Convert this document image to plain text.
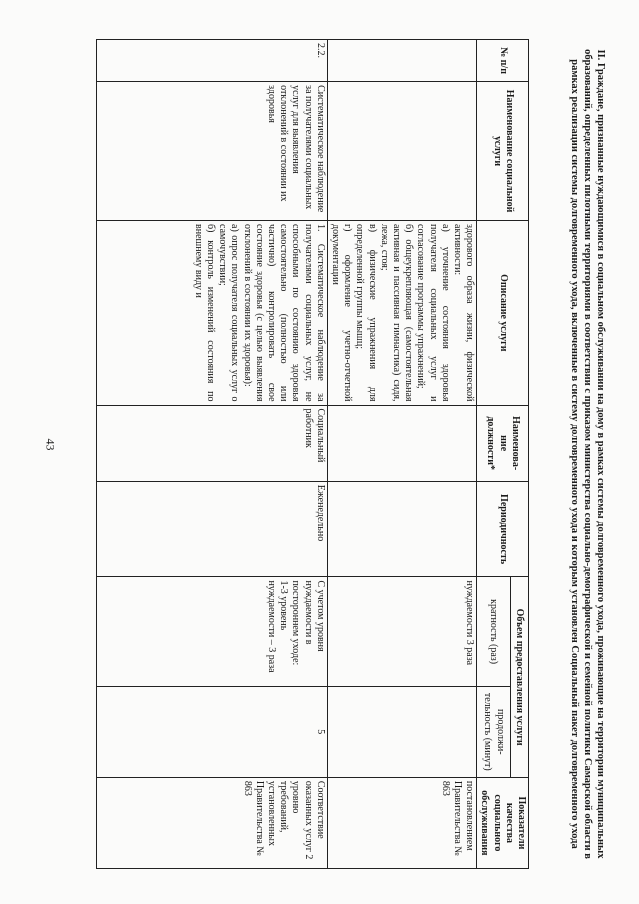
43	II. Граждане, признанные нуждающимися в социальном обслуживании на дому в рамках системы долговременного ухода, проживающие на территории муниципальных образований, определенных пилотными территориями в соответствии с приказом министерства социально-демографической и семейной политики Самарской области в рамках реализации системы долговременного ухода, включенные в систему долговременного ухода и которым установлен Социальный пакет долговременного ухода
№ п/п	Наименование социальной услуги	Описание услуги	Наименова-ние должности*	Периодичность	Объем предоставления услуги		Показатели качества социального обслуживания
					кратность (раз)	продолжи-тельность (минут)	
		здорового образа жизни, физической активности:
а) уточнение состояния здоровья получателя социальных услуг и согласование программы упражнений;
б) общеукрепляющая (самостоятельная активная и пассивная гимнастика) сидя, лежа, стоя;
в) физические упражнения для определенной группы мышц;
г) оформление учетно-отчетной документации			нуждаемости 3 раза		постановлением Правительства № 863
2.2.	Систематическое наблюдение за получателями социальных услуг для выявления отклонений в состоянии их здоровья	1. Систематическое наблюдение за получателями социальных услуг, не способными по состоянию здоровья самостоятельно (полностью или частично) контролировать свое состояние здоровья (с целью выявления отклонений в состоянии их здоровья):
а) опрос получателя социальных услуг о самочувствии;
б) контроль изменений состояния по внешнему виду и	Социальный работник	Еженедельно	С учетом уровня нуждаемости в постороннем уходе:
1-3 уровень нуждаемости – 3 раза	5	Соответствие оказанных услуг 2 уровню требований, установленных Правительства № 863
